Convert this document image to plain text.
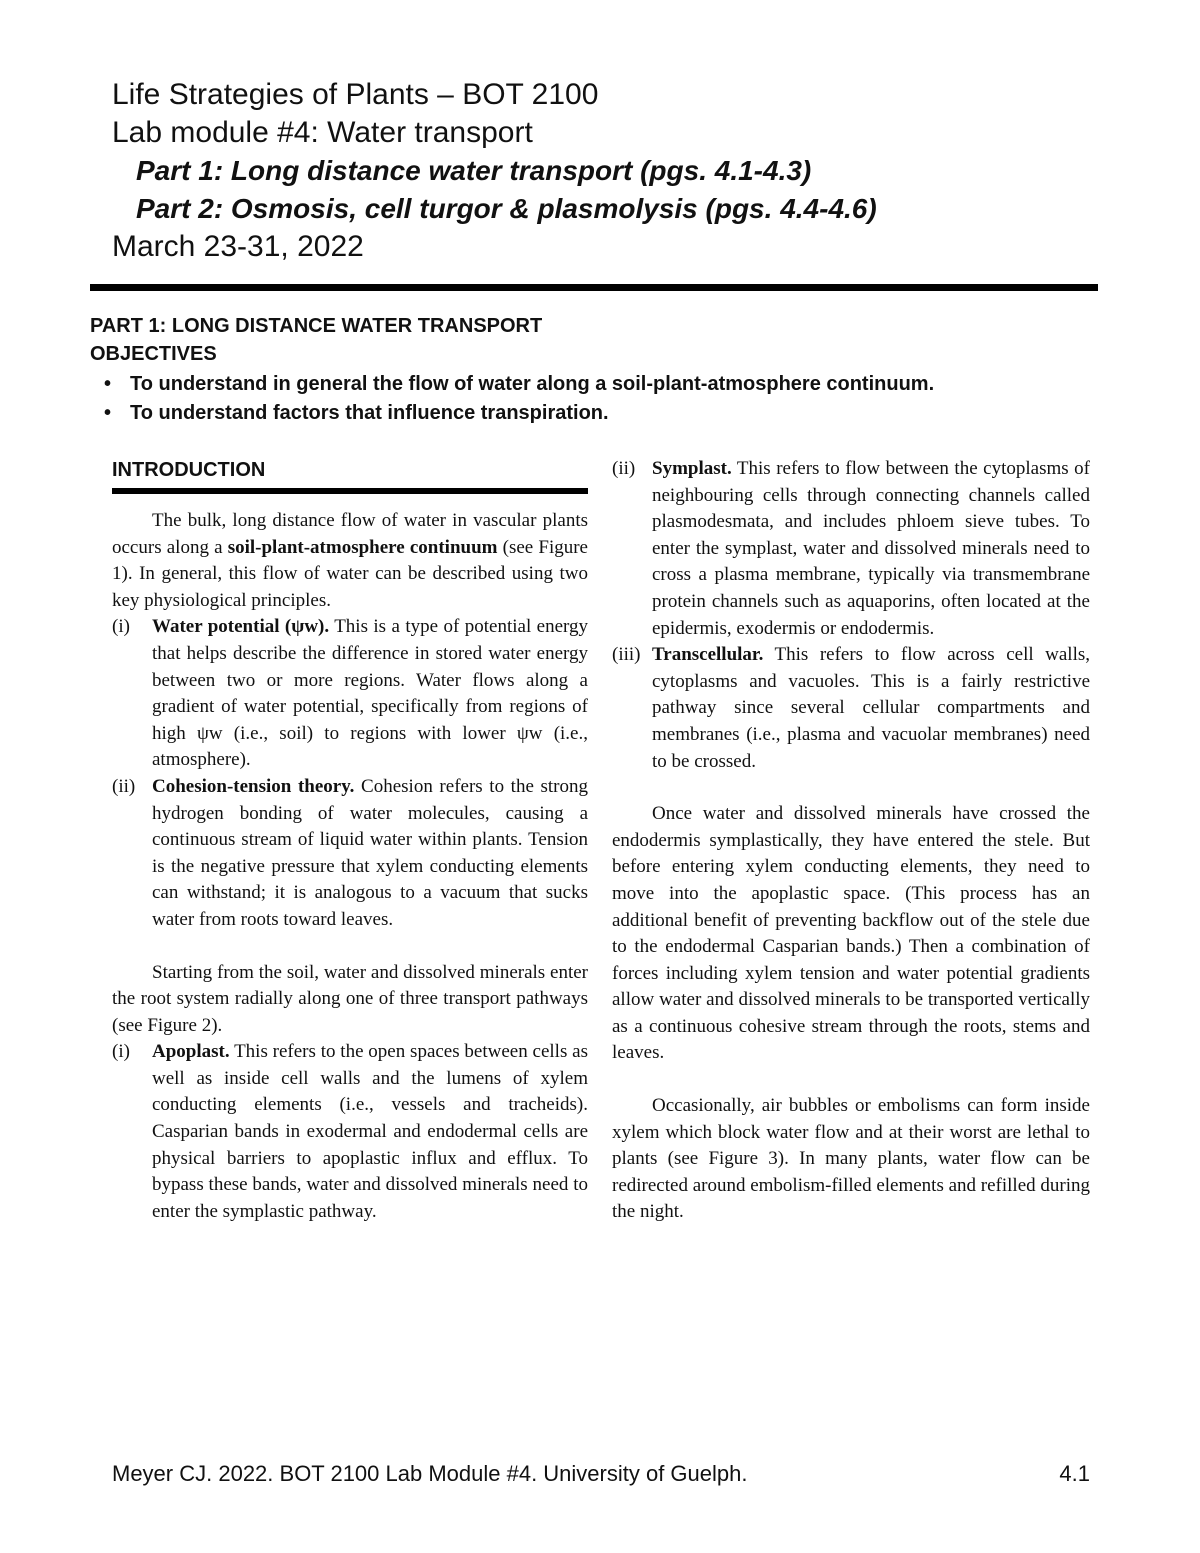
Life Strategies of Plants – BOT 2100
Lab module #4: Water transport
Part 1: Long distance water transport (pgs. 4.1-4.3)
Part 2: Osmosis, cell turgor & plasmolysis (pgs. 4.4-4.6)
March 23-31, 2022
PART 1: LONG DISTANCE WATER TRANSPORT
OBJECTIVES
• To understand in general the flow of water along a soil-plant-atmosphere continuum.
• To understand factors that influence transpiration.
INTRODUCTION

The bulk, long distance flow of water in vascular plants occurs along a soil-plant-atmosphere continuum (see Figure 1). In general, this flow of water can be described using two key physiological principles.

(i)	Water potential (ψw). This is a type of potential energy that helps describe the difference in stored water energy between two or more regions. Water flows along a gradient of water potential, specifically from regions of high ψw (i.e., soil) to regions with lower ψw (i.e., atmosphere).
(ii) Cohesion-tension theory. Cohesion refers to the strong hydrogen bonding of water molecules, causing a continuous stream of liquid water within plants. Tension is the negative pressure that xylem conducting elements can withstand; it is analogous to a vacuum that sucks water from roots toward leaves.

Starting from the soil, water and dissolved minerals enter the root system radially along one of three transport pathways (see Figure 2).

(i)	Apoplast. This refers to the open spaces between cells as well as inside cell walls and the lumens of xylem conducting elements (i.e., vessels and tracheids). Casparian bands in exodermal and endodermal cells are physical barriers to apoplastic influx and efflux. To bypass these bands, water and dissolved minerals need to enter the symplastic pathway.
(ii) Symplast. This refers to flow between the cytoplasms of neighbouring cells through connecting channels called plasmodesmata, and includes phloem sieve tubes. To enter the symplast, water and dissolved minerals need to cross a plasma membrane, typically via transmembrane protein channels such as aquaporins, often located at the epidermis, exodermis or endodermis.
(iii) Transcellular. This refers to flow across cell walls, cytoplasms and vacuoles. This is a fairly restrictive pathway since several cellular compartments and membranes (i.e., plasma and vacuolar membranes) need to be crossed.

Once water and dissolved minerals have crossed the endodermis symplastically, they have entered the stele. But before entering xylem conducting elements, they need to move into the apoplastic space. (This process has an additional benefit of preventing backflow out of the stele due to the endodermal Casparian bands.) Then a combination of forces including xylem tension and water potential gradients allow water and dissolved minerals to be transported vertically as a continuous cohesive stream through the roots, stems and leaves.

Occasionally, air bubbles or embolisms can form inside xylem which block water flow and at their worst are lethal to plants (see Figure 3). In many plants, water flow can be redirected around embolism-filled elements and refilled during the night.

Meyer CJ. 2022. BOT 2100 Lab Module #4. University of Guelph.	4.1
